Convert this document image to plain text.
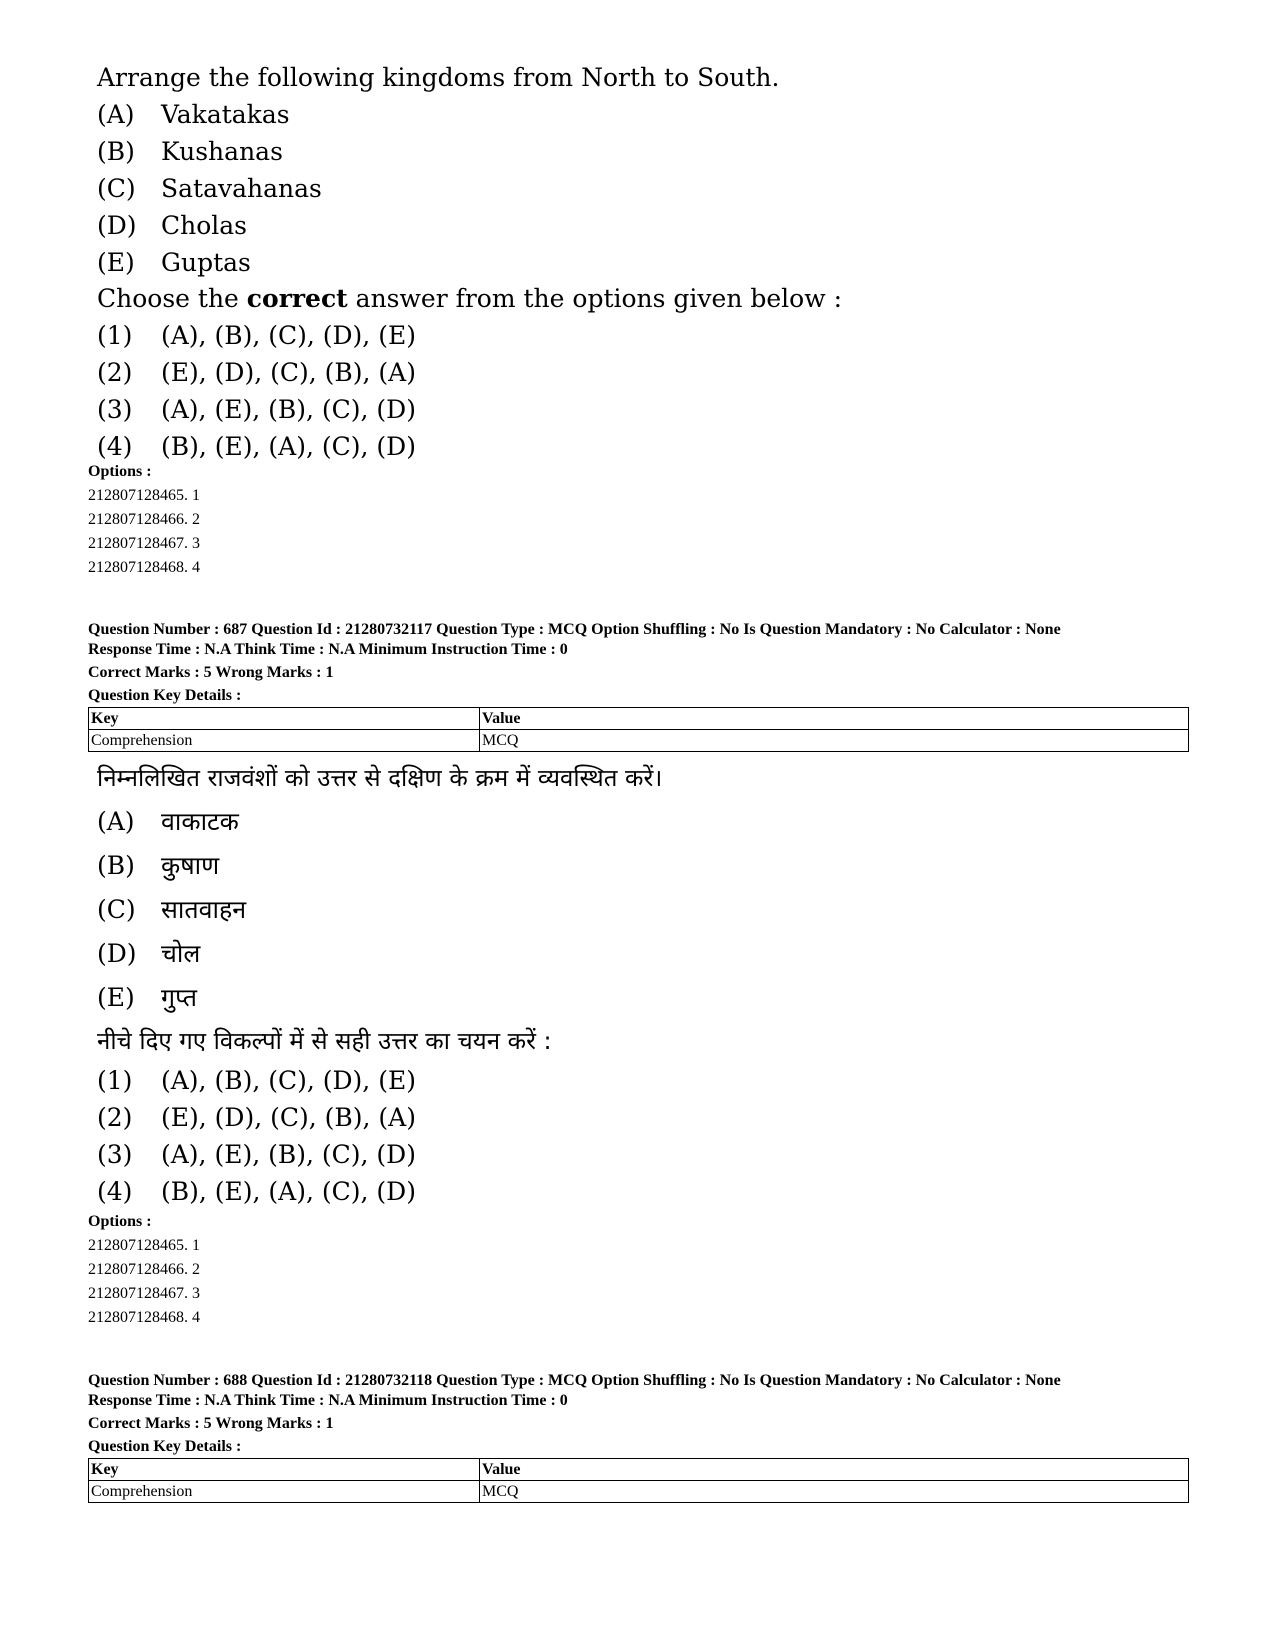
Arrange the following kingdoms from North to South.

(A) Vakatakas
(B) Kushanas
(C) Satavahanas
(D) Cholas
(E) Guptas
Choose the correct answer from the options given below :
(1) (A), (B), (C), (D), (E)
(2) (E), (D), (C), (B), (A)
(3) (A), (E), (B), (C), (D)
(4) (B), (E), (A), (C), (D)
Options :
212807128465. 1
212807128466. 2
212807128467. 3
212807128468. 4
Question Number : 687 Question Id : 21280732117 Question Type : MCQ Option Shuffling : No Is Question Mandatory : No Calculator : None
Response Time : N.A Think Time : N.A Minimum Instruction Time : 0
Correct Marks : 5 Wrong Marks : 1
Question Key Details :
Key	Value
Comprehension	MCQ

निम्नलिखित राजवंशों को उत्तर से दक्षिण के क्रम में व्यवस्थित करें।

(A) वाकाटक
(B) कुषाण
(C) सातवाहन
(D) चोल
(E) गुप्त
नीचे दिए गए विकल्पों में से सही उत्तर का चयन करें :
(1) (A), (B), (C), (D), (E)
(2) (E), (D), (C), (B), (A)
(3) (A), (E), (B), (C), (D)
(4) (B), (E), (A), (C), (D)
Options :
212807128465. 1
212807128466. 2
212807128467. 3
212807128468. 4
Question Number : 688 Question Id : 21280732118 Question Type : MCQ Option Shuffling : No Is Question Mandatory : No Calculator : None
Response Time : N.A Think Time : N.A Minimum Instruction Time : 0
Correct Marks : 5 Wrong Marks : 1
Question Key Details :
Key	Value
Comprehension	MCQ
